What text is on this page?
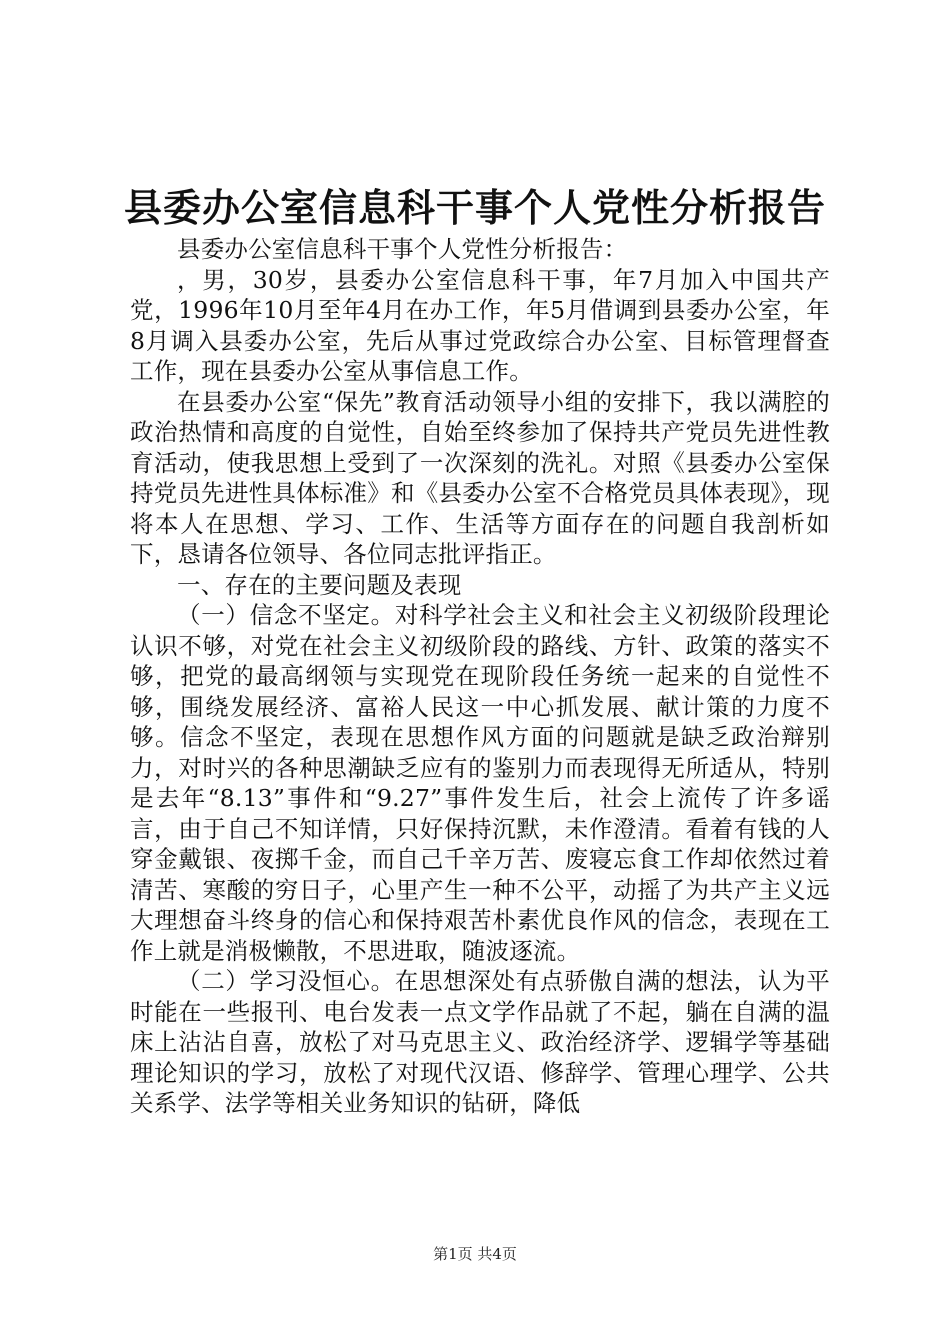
县委办公室信息科干事个人党性分析报告

县委办公室信息科干事个人党性分析报告：

，男，30岁，县委办公室信息科干事，年7月加入中国共产党，1996年10月至年4月在办工作，年5月借调到县委办公室，年8月调入县委办公室，先后从事过党政综合办公室、目标管理督查工作，现在县委办公室从事信息工作。

在县委办公室“保先”教育活动领导小组的安排下，我以满腔的政治热情和高度的自觉性，自始至终参加了保持共产党员先进性教育活动，使我思想上受到了一次深刻的洗礼。对照《县委办公室保持党员先进性具体标准》和《县委办公室不合格党员具体表现》，现将本人在思想、学习、工作、生活等方面存在的问题自我剖析如下，恳请各位领导、各位同志批评指正。

一、存在的主要问题及表现

（一）信念不坚定。对科学社会主义和社会主义初级阶段理论认识不够，对党在社会主义初级阶段的路线、方针、政策的落实不够，把党的最高纲领与实现党在现阶段任务统一起来的自觉性不够，围绕发展经济、富裕人民这一中心抓发展、献计策的力度不够。信念不坚定，表现在思想作风方面的问题就是缺乏政治辩别力，对时兴的各种思潮缺乏应有的鉴别力而表现得无所适从，特别是去年“8.13”事件和“9.27”事件发生后，社会上流传了许多谣言，由于自己不知详情，只好保持沉默，未作澄清。看着有钱的人穿金戴银、夜掷千金，而自己千辛万苦、废寝忘食工作却依然过着清苦、寒酸的穷日子，心里产生一种不公平，动摇了为共产主义远大理想奋斗终身的信心和保持艰苦朴素优良作风的信念，表现在工作上就是消极懒散，不思进取，随波逐流。

（二）学习没恒心。在思想深处有点骄傲自满的想法，认为平时能在一些报刊、电台发表一点文学作品就了不起，躺在自满的温床上沾沾自喜，放松了对马克思主义、政治经济学、逻辑学等基础理论知识的学习，放松了对现代汉语、修辞学、管理心理学、公共关系学、法学等相关业务知识的钻研，降低

第1页 共4页
